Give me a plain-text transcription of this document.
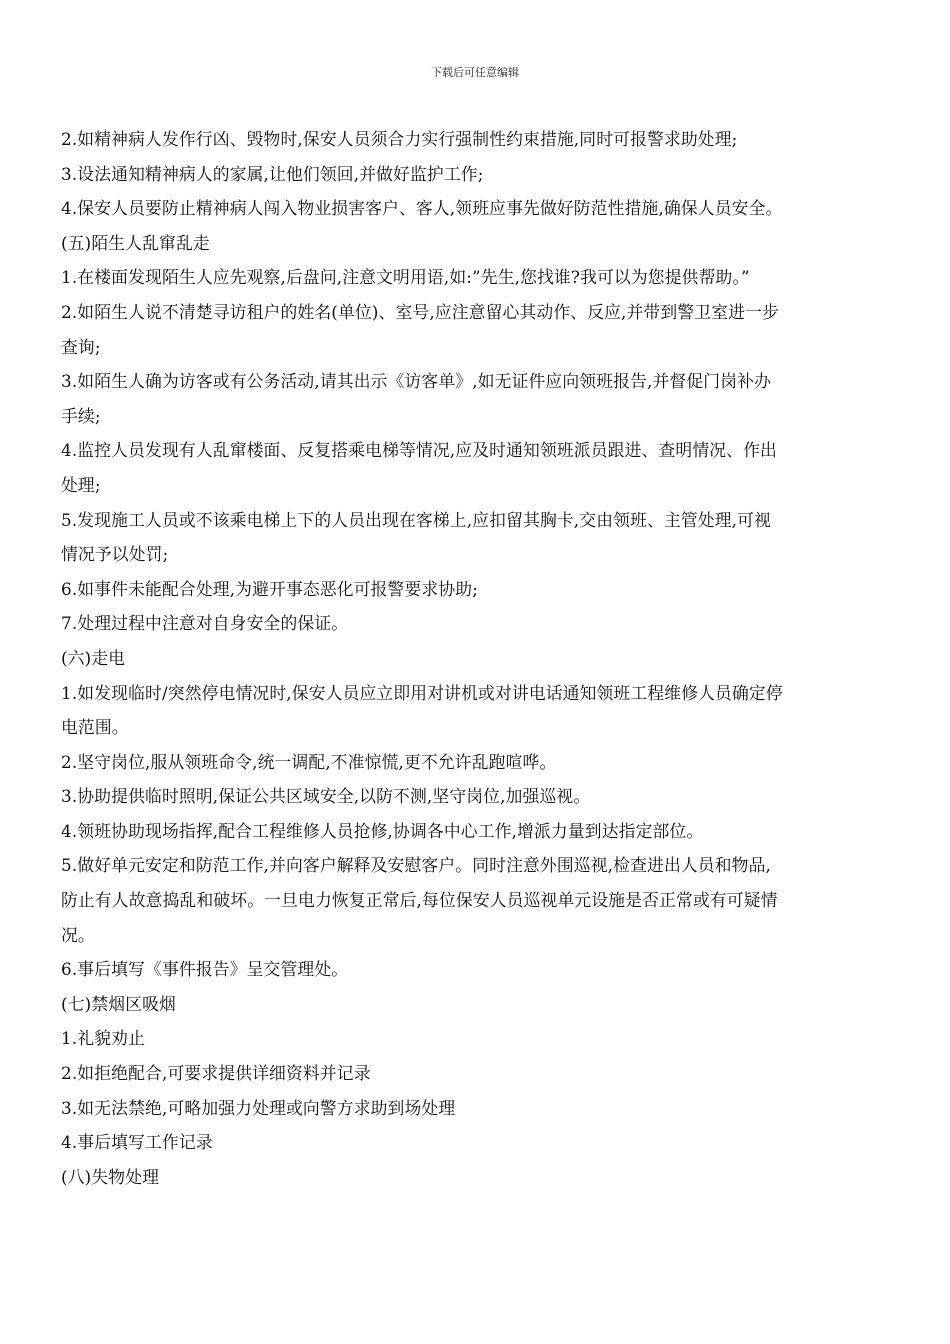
下载后可任意编辑
2.如精神病人发作行凶、毁物时,保安人员须合力实行强制性约束措施,同时可报警求助处理;
3.设法通知精神病人的家属,让他们领回,并做好监护工作;
4.保安人员要防止精神病人闯入物业损害客户、客人,领班应事先做好防范性措施,确保人员安全。
(五)陌生人乱窜乱走
1.在楼面发现陌生人应先观察,后盘问,注意文明用语,如:”先生,您找谁?我可以为您提供帮助。”
2.如陌生人说不清楚寻访租户的姓名(单位)、室号,应注意留心其动作、反应,并带到警卫室进一步
查询;
3.如陌生人确为访客或有公务活动,请其出示《访客单》,如无证件应向领班报告,并督促门岗补办
手续;
4.监控人员发现有人乱窜楼面、反复搭乘电梯等情况,应及时通知领班派员跟进、查明情况、作出
处理;
5.发现施工人员或不该乘电梯上下的人员出现在客梯上,应扣留其胸卡,交由领班、主管处理,可视
情况予以处罚;
6.如事件未能配合处理,为避开事态恶化可报警要求协助;
7.处理过程中注意对自身安全的保证。
(六)走电
1.如发现临时/突然停电情况时,保安人员应立即用对讲机或对讲电话通知领班工程维修人员确定停
电范围。
2.坚守岗位,服从领班命令,统一调配,不准惊慌,更不允许乱跑喧哗。
3.协助提供临时照明,保证公共区域安全,以防不测,坚守岗位,加强巡视。
4.领班协助现场指挥,配合工程维修人员抢修,协调各中心工作,增派力量到达指定部位。
5.做好单元安定和防范工作,并向客户解释及安慰客户。同时注意外围巡视,检查进出人员和物品,
防止有人故意捣乱和破坏。一旦电力恢复正常后,每位保安人员巡视单元设施是否正常或有可疑情
况。
6.事后填写《事件报告》呈交管理处。
(七)禁烟区吸烟
1.礼貌劝止
2.如拒绝配合,可要求提供详细资料并记录
3.如无法禁绝,可略加强力处理或向警方求助到场处理
4.事后填写工作记录
(八)失物处理
